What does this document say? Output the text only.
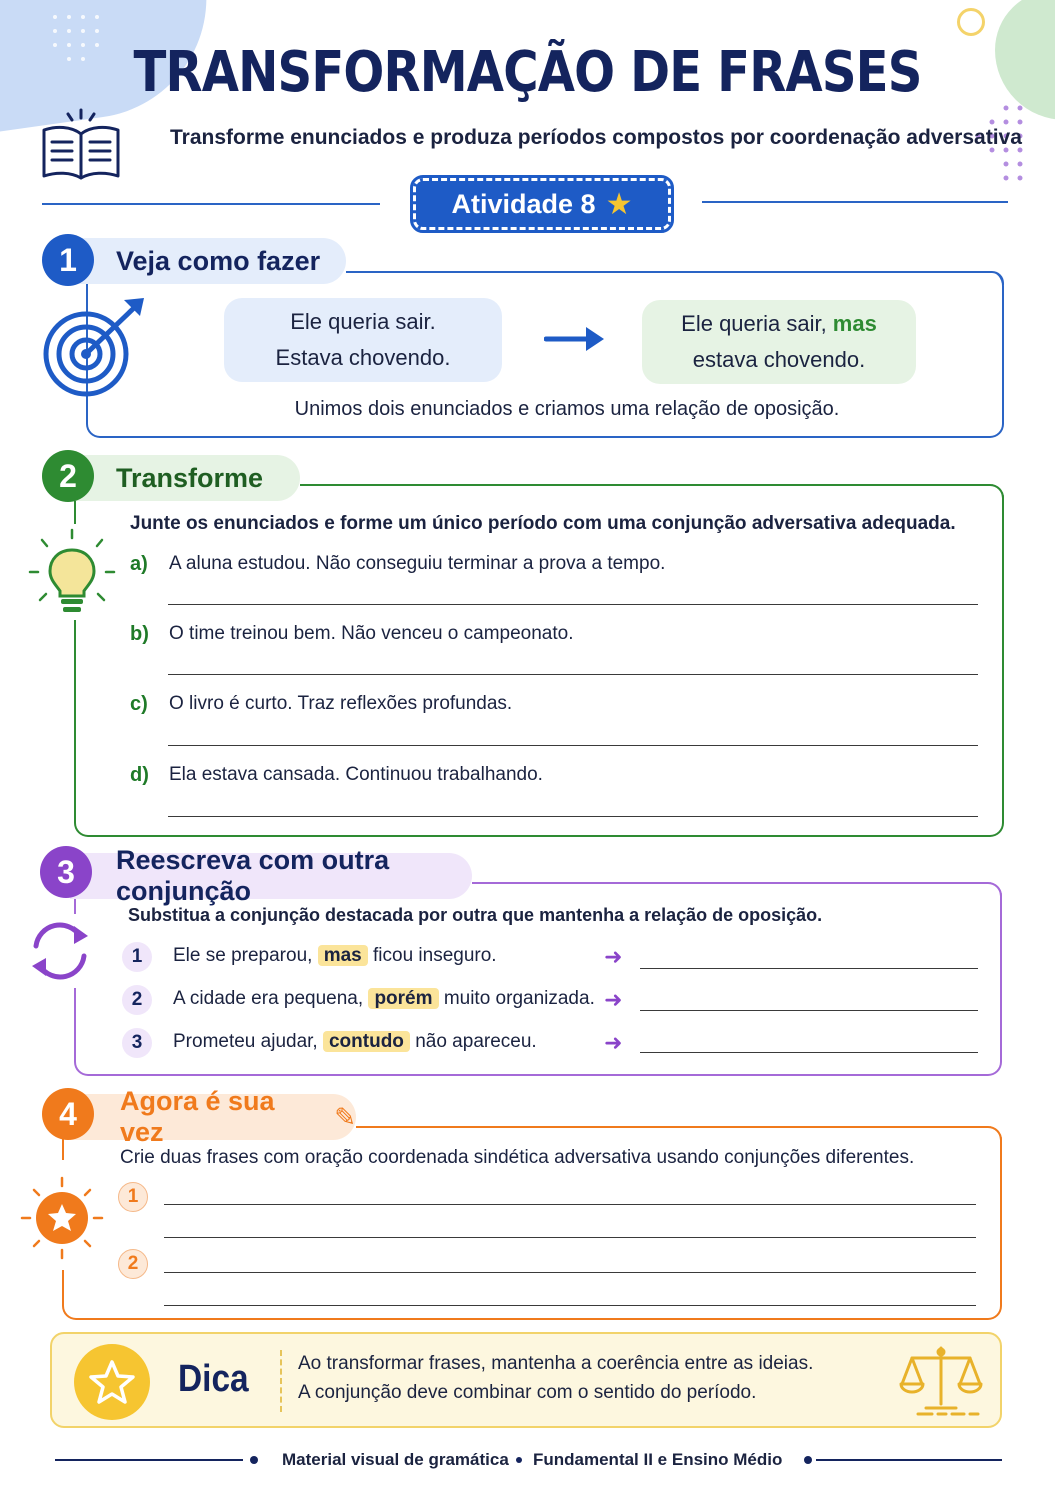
TRANSFORMAÇÃO DE FRASES
Transforme enunciados e produza períodos compostos por coordenação adversativa
Atividade 8 ★
Veja como fazer
1
Ele queria sair.
Estava chovendo.
Ele queria sair, mas
estava chovendo.
Unimos dois enunciados e criamos uma relação de oposição.
Transforme
2
Junte os enunciados e forme um único período com uma conjunção adversativa adequada.
a) A aluna estudou. Não conseguiu terminar a prova a tempo.
b) O time treinou bem. Não venceu o campeonato.
c) O livro é curto. Traz reflexões profundas.
d) Ela estava cansada. Continuou trabalhando.
Reescreva com outra conjunção
3
Substitua a conjunção destacada por outra que mantenha a relação de oposição.
1	Ele se preparou, mas ficou inseguro.	➜
2	A cidade era pequena, porém muito organizada. ➜
3	Prometeu ajudar, contudo não apareceu.	➜
Agora é sua vez
✎
4
Crie duas frases com oração coordenada sindética adversativa usando conjunções diferentes.
1
2
Dica	Ao transformar frases, mantenha a coerência entre as ideias.
A conjunção deve combinar com o sentido do período.
Material visual de gramática Fundamental II e Ensino Médio
